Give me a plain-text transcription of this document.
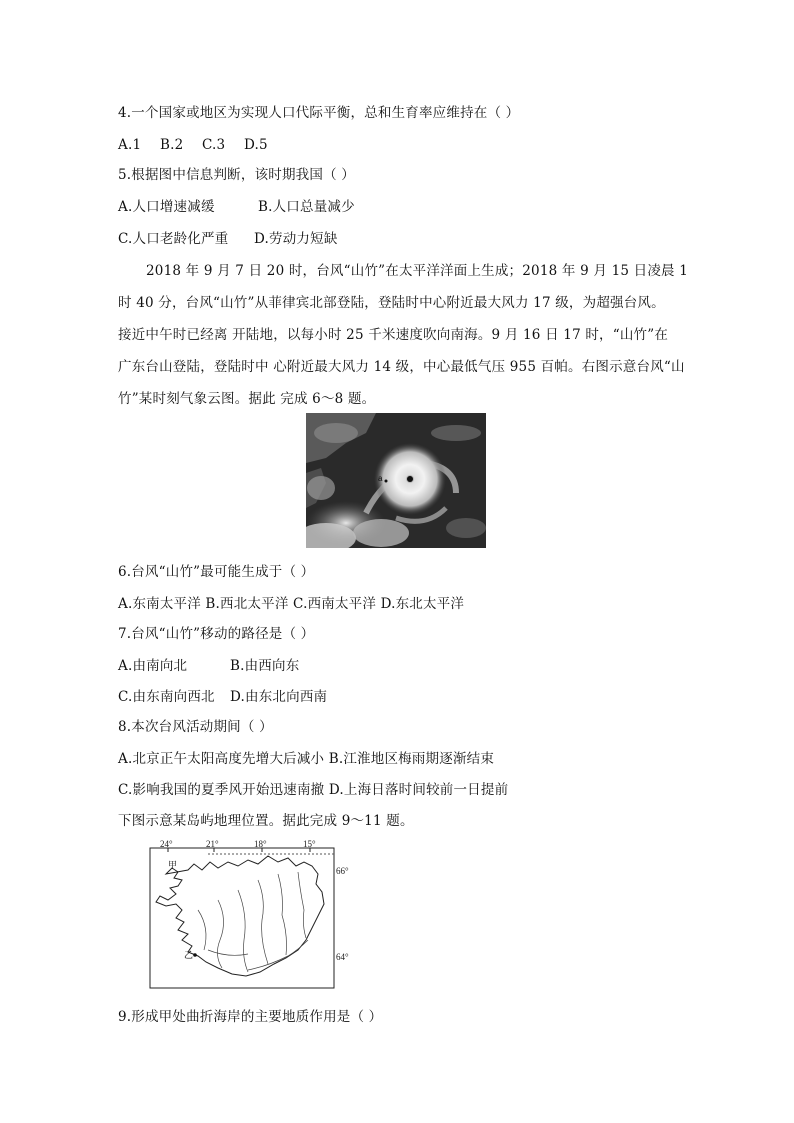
4.一个国家或地区为实现人口代际平衡，总和生育率应维持在（ ）
A.1 B.2 C.3 D.5
5.根据图中信息判断，该时期我国（ ）
A.人口增速减缓	B.人口总量减少
C.人口老龄化严重 D.劳动力短缺
2018 年 9 月 7 日 20 时，台风“山竹”在太平洋洋面上生成；2018 年 9 月 15 日凌晨 1
时 40 分，台风“山竹”从菲律宾北部登陆，登陆时中心附近最大风力 17 级，为超强台风。
接近中午时已经离 开陆地，以每小时 25 千米速度吹向南海。9 月 16 日 17 时，“山竹”在
广东台山登陆，登陆时中 心附近最大风力 14 级，中心最低气压 955 百帕。右图示意台风“山
竹”某时刻气象云图。据此 完成 6～8 题。
a
6.台风“山竹”最可能生成于（ ）
A.东南太平洋 B.西北太平洋 C.西南太平洋 D.东北太平洋
7.台风“山竹”移动的路径是（ ）
A.由南向北	B.由西向东
C.由东南向西北 D.由东北向西南
8.本次台风活动期间（ ）
A.北京正午太阳高度先增大后减小 B.江淮地区梅雨期逐渐结束
C.影响我国的夏季风开始迅速南撤 D.上海日落时间较前一日提前
下图示意某岛屿地理位置。据此完成 9～11 题。
24°	21°	18°	15°
66°
64°
甲
乙
9.形成甲处曲折海岸的主要地质作用是（ ）
